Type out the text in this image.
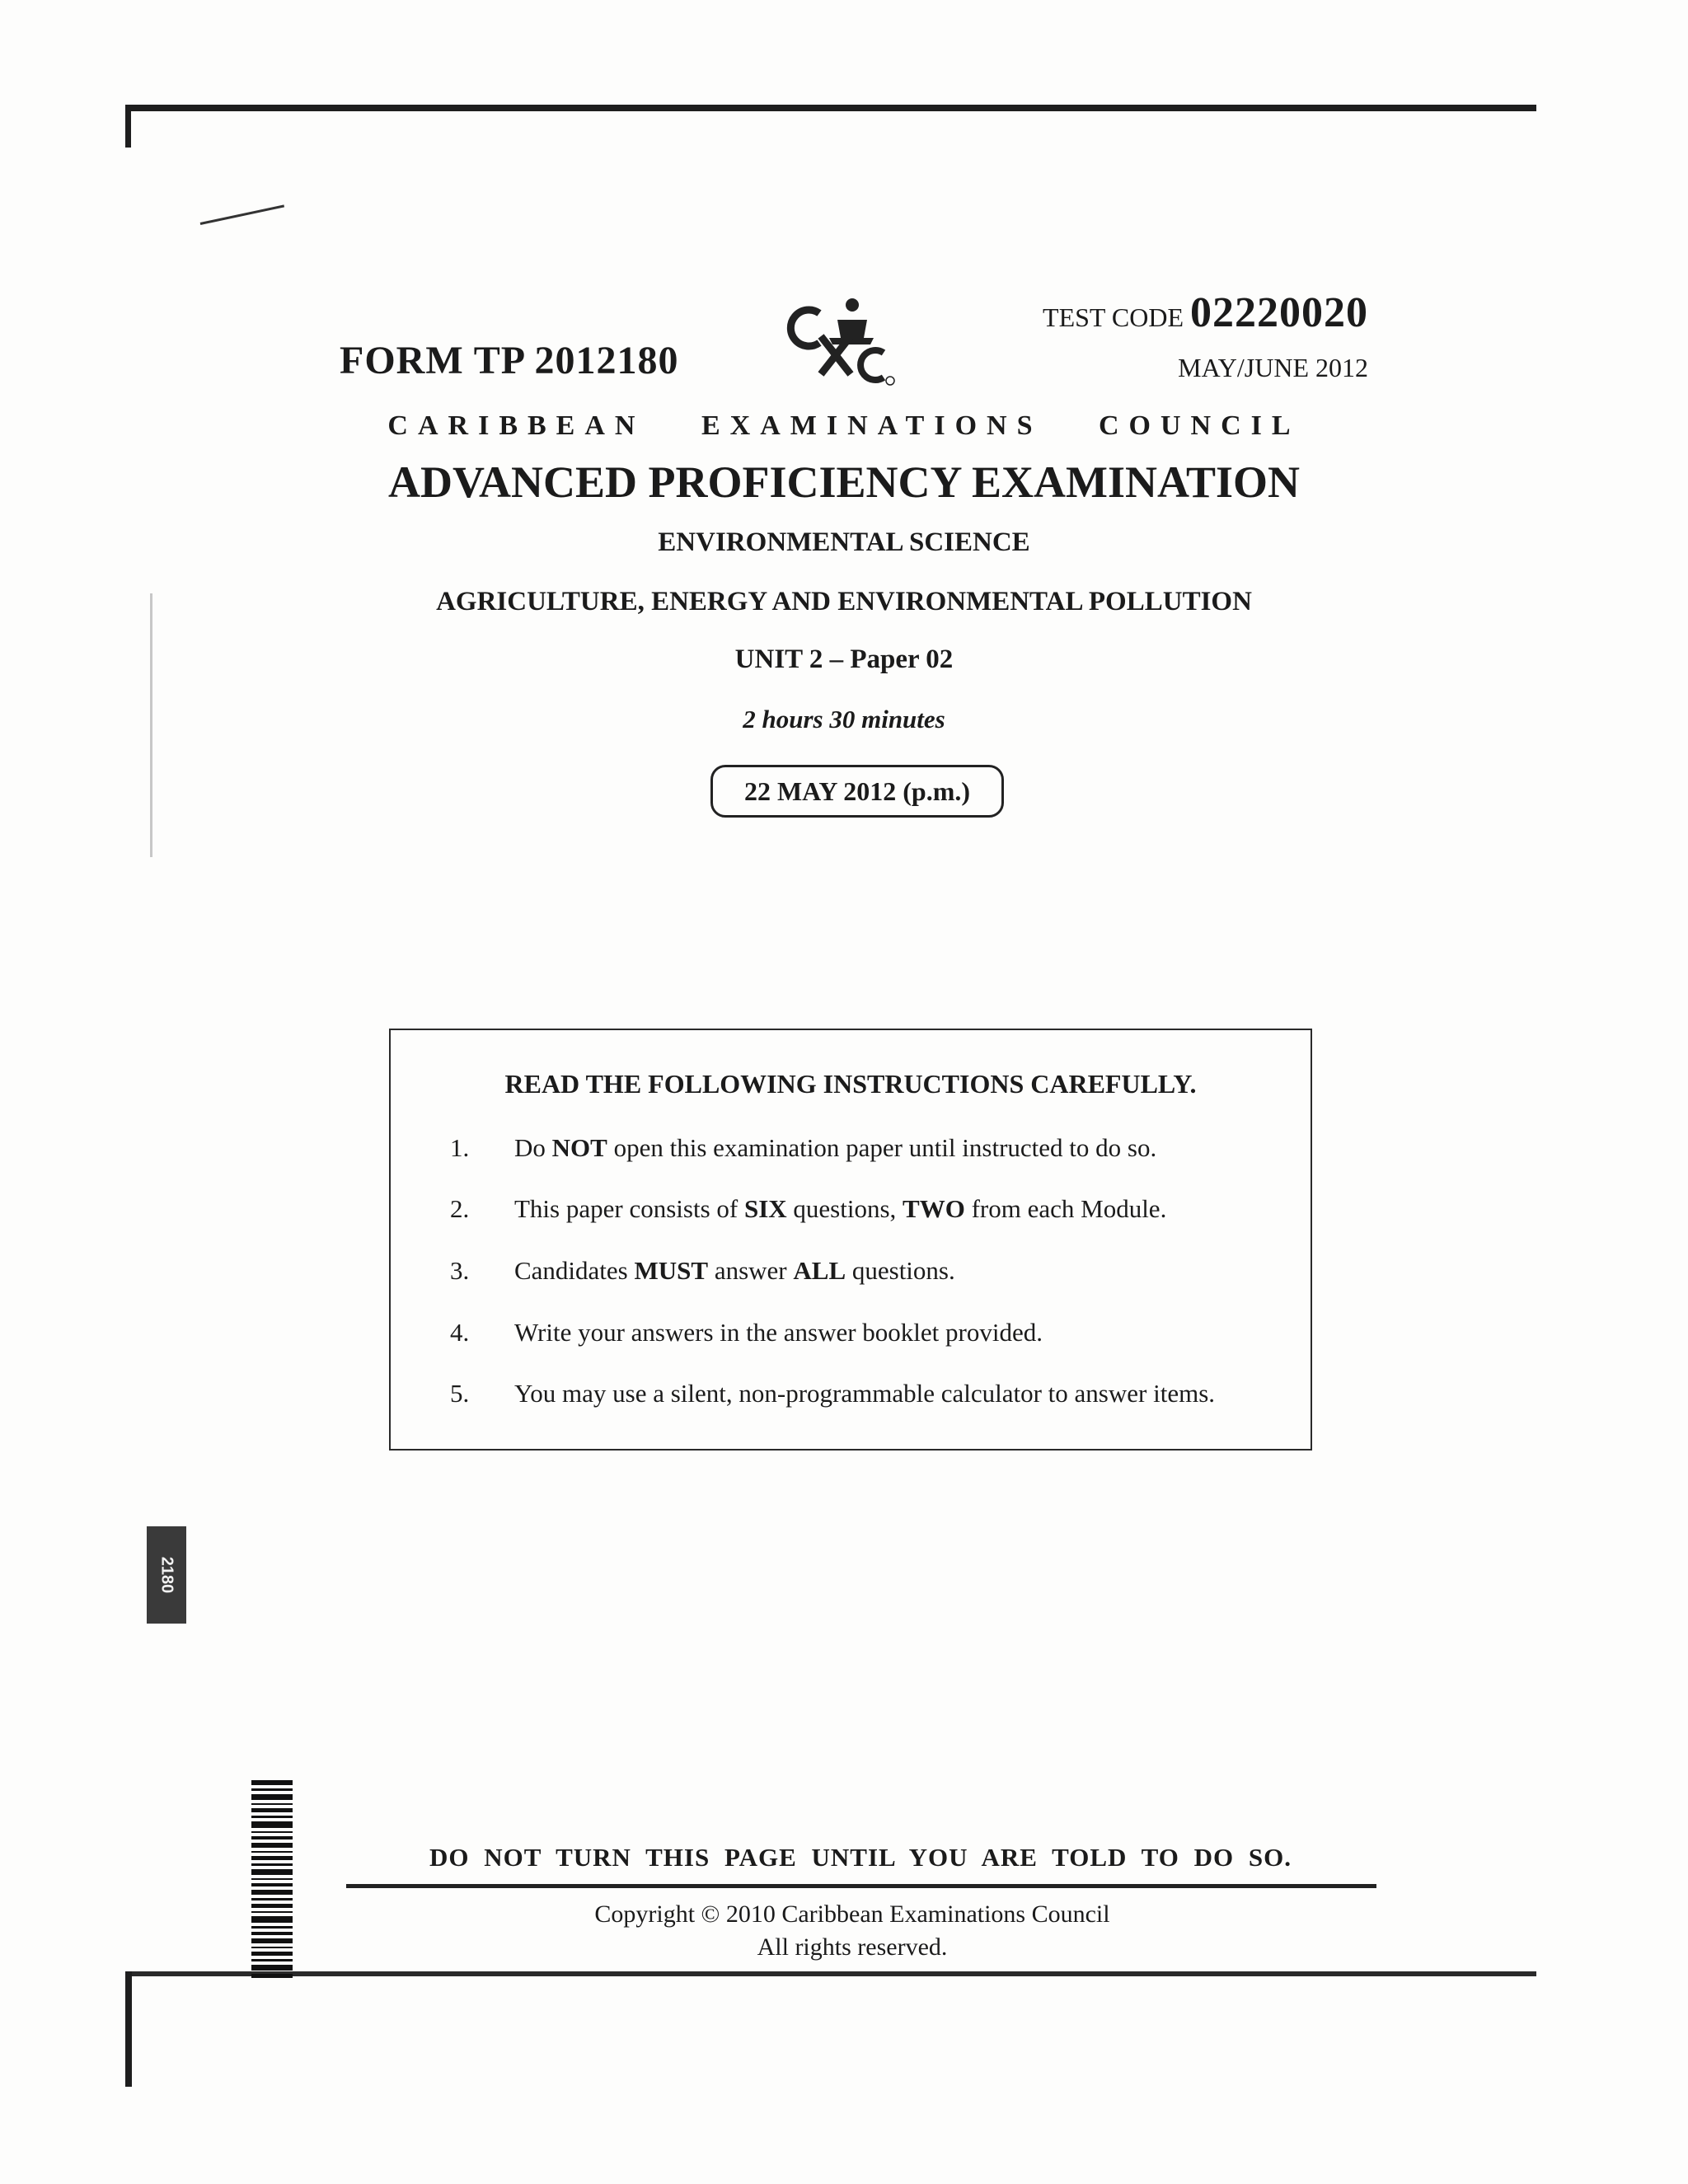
FORM TP 2012180
TEST CODE 02220020
MAY/JUNE 2012
CARIBBEAN EXAMINATIONS COUNCIL
ADVANCED PROFICIENCY EXAMINATION
ENVIRONMENTAL SCIENCE
AGRICULTURE, ENERGY AND ENVIRONMENTAL POLLUTION
UNIT 2 – Paper 02
2 hours 30 minutes
22 MAY 2012 (p.m.)
READ THE FOLLOWING INSTRUCTIONS CAREFULLY.
1. Do NOT open this examination paper until instructed to do so.
2. This paper consists of SIX questions, TWO from each Module.
3. Candidates MUST answer ALL questions.
4. Write your answers in the answer booklet provided.
5. You may use a silent, non-programmable calculator to answer items.
2180
DO NOT TURN THIS PAGE UNTIL YOU ARE TOLD TO DO SO.
Copyright © 2010 Caribbean Examinations Council
All rights reserved.
